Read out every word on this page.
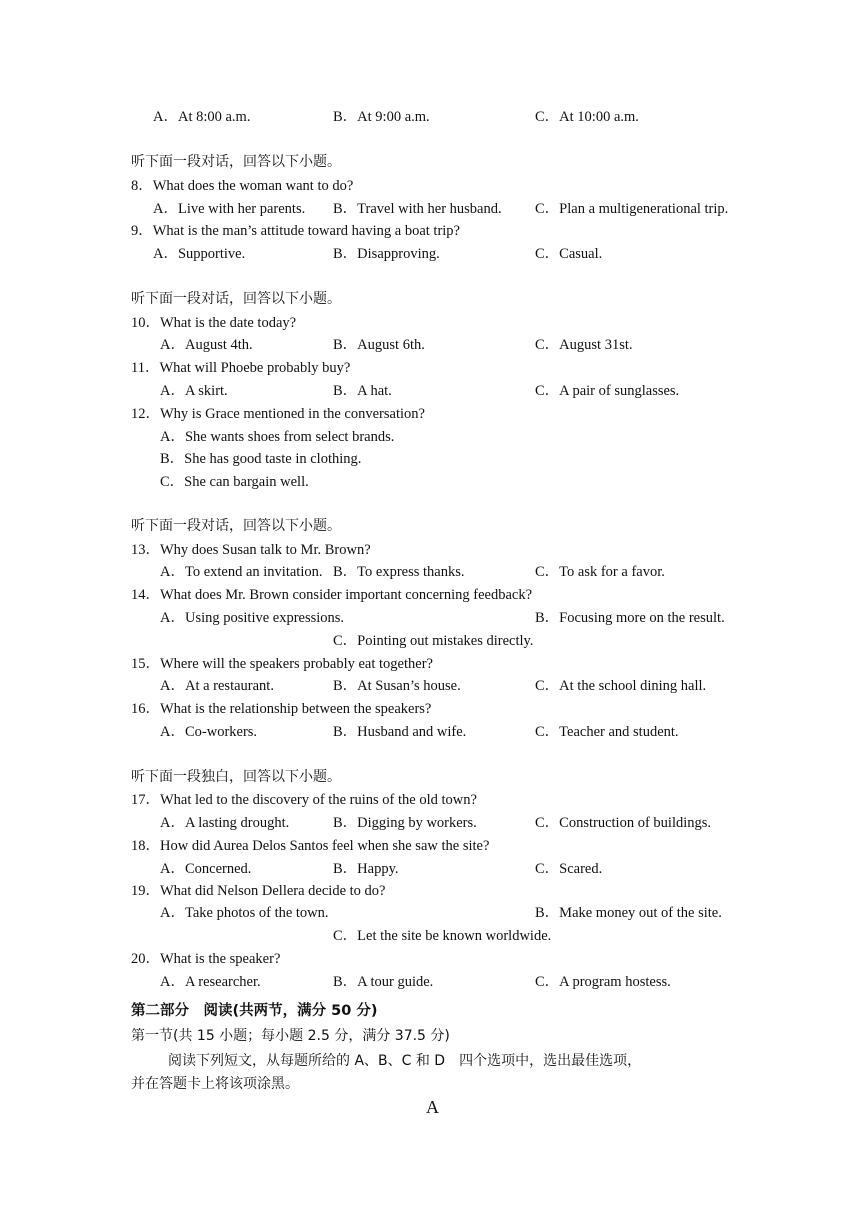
A．At 8:00 a.m.	B．At 9:00 a.m.	C．At 10:00 a.m.
听下面一段对话，回答以下小题。
8．What does the woman want to do?
A．Live with her parents. B．Travel with her husband. C．Plan a multigenerational trip.
9．What is the man’s attitude toward having a boat trip?
A．Supportive.	B．Disapproving.	C．Casual.
听下面一段对话，回答以下小题。
10．What is the date today?
A．August 4th.	B．August 6th.	C．August 31st.
11．What will Phoebe probably buy?
A．A skirt.	B．A hat.	C．A pair of sunglasses.
12．Why is Grace mentioned in the conversation?
A．She wants shoes from select brands.
B．She has good taste in clothing.
C．She can bargain well.
听下面一段对话，回答以下小题。
13．Why does Susan talk to Mr. Brown?
A．To extend an invitation. B．To express thanks.	C．To ask for a favor.
14．What does Mr. Brown consider important concerning feedback?
A．Using positive expressions.	B．Focusing more on the result.
C．Pointing out mistakes directly.
15．Where will the speakers probably eat together?
A．At a restaurant.	B．At Susan’s house.	C．At the school dining hall.
16．What is the relationship between the speakers?
A．Co-workers.	B．Husband and wife.	C．Teacher and student.
听下面一段独白，回答以下小题。
17．What led to the discovery of the ruins of the old town?
A．A lasting drought.	B．Digging by workers.	C．Construction of buildings.
18．How did Aurea Delos Santos feel when she saw the site?
A．Concerned.	B．Happy.	C．Scared.
19．What did Nelson Dellera decide to do?
A．Take photos of the town.	B．Make money out of the site.
C．Let the site be known worldwide.
20．What is the speaker?
A．A researcher.	B．A tour guide.	C．A program hostess.
第二部分　阅读(共两节，满分 50 分)
第一节(共 15 小题；每小题 2.5 分，满分 37.5 分)
阅读下列短文，从每题所给的 A、B、C 和 D　四个选项中，选出最佳选项，
并在答题卡上将该项涂黑。
A
